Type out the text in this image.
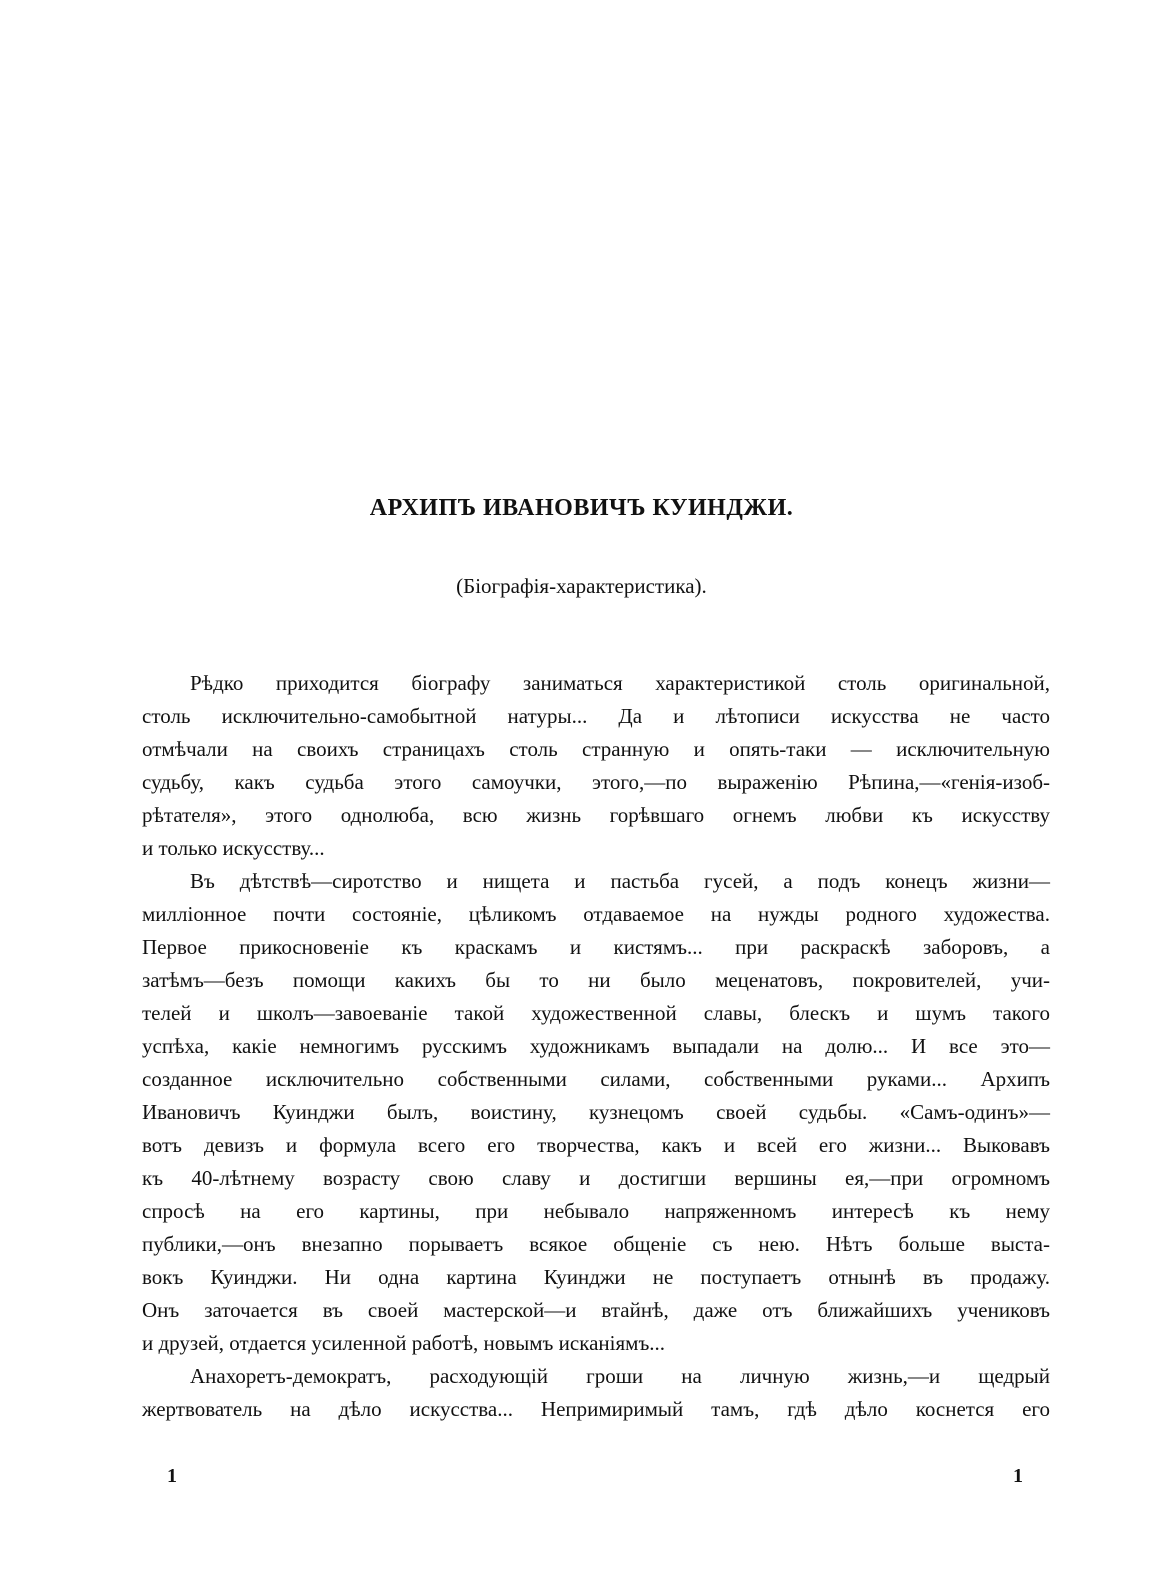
АРХИПЪ ИВАНОВИЧЪ КУИНДЖИ.
(Біографія-характеристика).
Рѣдко приходится біографу заниматься характеристикой столь оригинальной,
столь исключительно-самобытной натуры... Да и лѣтописи искусства не часто
отмѣчали на своихъ страницахъ столь странную и опять-таки — исключительную
судьбу, какъ судьба этого самоучки, этого,—по выраженію Рѣпина,—«генія-изоб-
рѣтателя», этого однолюба, всю жизнь горѣвшаго огнемъ любви къ искусству
и только искусству...
Въ дѣтствѣ—сиротство и нищета и пастьба гусей, а подъ конецъ жизни—
милліонное почти состояніе, цѣликомъ отдаваемое на нужды родного художества.
Первое прикосновеніе къ краскамъ и кистямъ... при раскраскѣ заборовъ, а
затѣмъ—безъ помощи какихъ бы то ни было меценатовъ, покровителей, учи-
телей и школъ—завоеваніе такой художественной славы, блескъ и шумъ такого
успѣха, какіе немногимъ русскимъ художникамъ выпадали на долю... И все это—
созданное исключительно собственными силами, собственными руками... Архипъ
Ивановичъ Куинджи былъ, воистину, кузнецомъ своей судьбы. «Самъ-одинъ»—
вотъ девизъ и формула всего его творчества, какъ и всей его жизни... Выковавъ
къ 40-лѣтнему возрасту свою славу и достигши вершины ея,—при огромномъ
спросѣ на его картины, при небывало напряженномъ интересѣ къ нему
публики,—онъ внезапно порываетъ всякое общеніе съ нею. Нѣтъ больше выста-
вокъ Куинджи. Ни одна картина Куинджи не поступаетъ отнынѣ въ продажу.
Онъ заточается въ своей мастерской—и втайнѣ, даже отъ ближайшихъ учениковъ
и друзей, отдается усиленной работѣ, новымъ исканіямъ...
Анахоретъ-демократъ, расходующій гроши на личную жизнь,—и щедрый
жертвователь на дѣло искусства... Непримиримый тамъ, гдѣ дѣло коснется его
1	1
